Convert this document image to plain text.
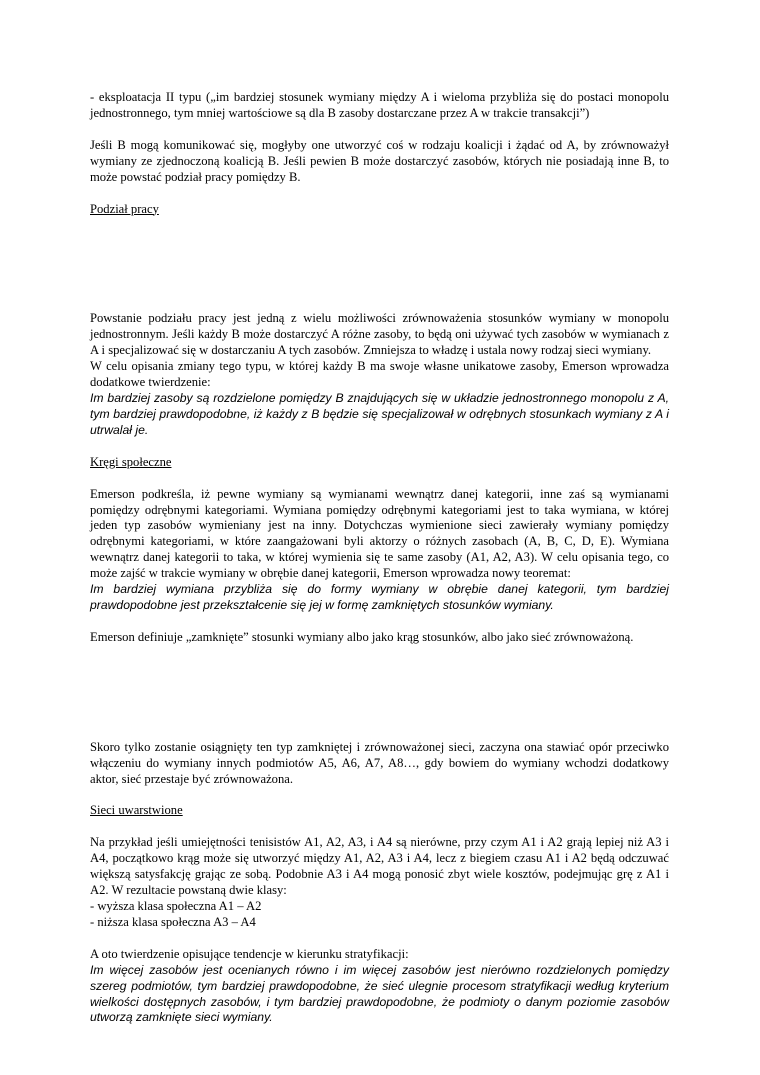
- eksploatacja II typu („im bardziej stosunek wymiany między A i wieloma przybliża się do postaci monopolu jednostronnego, tym mniej wartościowe są dla B zasoby dostarczane przez A w trakcie transakcji”)

Jeśli B mogą komunikować się, mogłyby one utworzyć coś w rodzaju koalicji i żądać od A, by zrównoważył wymiany ze zjednoczoną koalicją B. Jeśli pewien B może dostarczyć zasobów, których nie posiadają inne B, to może powstać podział pracy pomiędzy B.

Podział pracy

Powstanie podziału pracy jest jedną z wielu możliwości zrównoważenia stosunków wymiany w monopolu jednostronnym. Jeśli każdy B może dostarczyć A różne zasoby, to będą oni używać tych zasobów w wymianach z A i specjalizować się w dostarczaniu A tych zasobów. Zmniejsza to władzę i ustala nowy rodzaj sieci wymiany.

W celu opisania zmiany tego typu, w której każdy B ma swoje własne unikatowe zasoby, Emerson wprowadza dodatkowe twierdzenie:

Im bardziej zasoby są rozdzielone pomiędzy B znajdujących się w układzie jednostronnego monopolu z A, tym bardziej prawdopodobne, iż każdy z B będzie się specjalizował w odrębnych stosunkach wymiany z A i utrwalał je.

Kręgi społeczne

Emerson podkreśla, iż pewne wymiany są wymianami wewnątrz danej kategorii, inne zaś są wymianami pomiędzy odrębnymi kategoriami. Wymiana pomiędzy odrębnymi kategoriami jest to taka wymiana, w której jeden typ zasobów wymieniany jest na inny. Dotychczas wymienione sieci zawierały wymiany pomiędzy odrębnymi kategoriami, w które zaangażowani byli aktorzy o różnych zasobach (A, B, C, D, E). Wymiana wewnątrz danej kategorii to taka, w której wymienia się te same zasoby (A1, A2, A3). W celu opisania tego, co może zajść w trakcie wymiany w obrębie danej kategorii, Emerson wprowadza nowy teoremat:

Im bardziej wymiana przybliża się do formy wymiany w obrębie danej kategorii, tym bardziej prawdopodobne jest przekształcenie się jej w formę zamkniętych stosunków wymiany.

Emerson definiuje „zamknięte” stosunki wymiany albo jako krąg stosunków, albo jako sieć zrównoważoną.

Skoro tylko zostanie osiągnięty ten typ zamkniętej i zrównoważonej sieci, zaczyna ona stawiać opór przeciwko włączeniu do wymiany innych podmiotów A5, A6, A7, A8…, gdy bowiem do wymiany wchodzi dodatkowy aktor, sieć przestaje być zrównoważona.

Sieci uwarstwione

Na przykład jeśli umiejętności tenisistów A1, A2, A3, i A4 są nierówne, przy czym A1 i A2 grają lepiej niż A3 i A4, początkowo krąg może się utworzyć między A1, A2, A3 i A4, lecz z biegiem czasu A1 i A2 będą odczuwać większą satysfakcję grając ze sobą. Podobnie A3 i A4 mogą ponosić zbyt wiele kosztów, podejmując grę z A1 i A2. W rezultacie powstaną dwie klasy:

- wyższa klasa społeczna A1 – A2
- niższa klasa społeczna A3 – A4

A oto twierdzenie opisujące tendencje w kierunku stratyfikacji:

Im więcej zasobów jest ocenianych równo i im więcej zasobów jest nierówno rozdzielonych pomiędzy szereg podmiotów, tym bardziej prawdopodobne, że sieć ulegnie procesom stratyfikacji według kryterium wielkości dostępnych zasobów, i tym bardziej prawdopodobne, że podmioty o danym poziomie zasobów utworzą zamknięte sieci wymiany.
